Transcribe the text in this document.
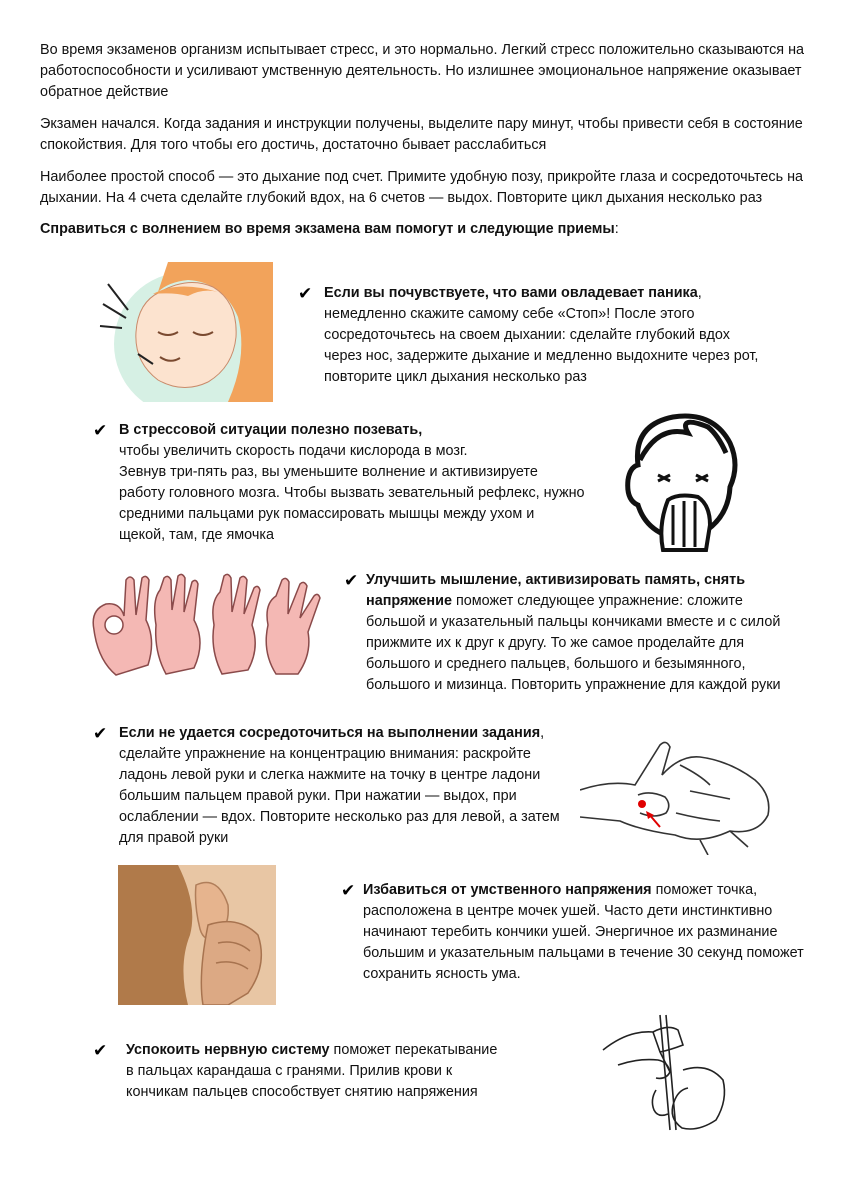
Во время экзаменов организм испытывает стресс, и это нормально. Легкий стресс положительно сказываются на работоспособности и усиливают умственную деятельность. Но излишнее эмоциональное напряжение оказывает обратное действие

Экзамен начался. Когда задания и инструкции получены, выделите пару минут, чтобы привести себя в состояние спокойствия. Для того чтобы его достичь, достаточно бывает расслабиться

Наиболее простой способ — это дыхание под счет. Примите удобную позу, прикройте глаза и сосредоточьтесь на дыхании. На 4 счета сделайте глубокий вдох, на 6 счетов — выдох. Повторите цикл дыхания несколько раз

Справиться с волнением во время экзамена вам помогут и следующие приемы:

✔ Если вы почувствуете, что вами овладевает паника,

немедленно скажите самому себе «Стоп»! После этого

сосредоточьтесь на своем дыхании: сделайте глубокий вдох

через нос, задержите дыхание и медленно выдохните через рот,

повторите цикл дыхания несколько раз

✔ В стрессовой ситуации полезно позевать,

чтобы увеличить скорость подачи кислорода в мозг.

Зевнув три-пять раз, вы уменьшите волнение и активизируете

работу головного мозга. Чтобы вызвать зевательный рефлекс, нужно

средними пальцами рук помассировать мышцы между ухом и

щекой, там, где ямочка

✔ Улучшить мышление, активизировать память, снять

напряжение поможет следующее упражнение: сложите

большой и указательный пальцы кончиками вместе и с силой

прижмите их к друг к другу. То же самое проделайте для

большого и среднего пальцев, большого и безымянного,

большого и мизинца. Повторить упражнение для каждой руки

✔ Если не удается сосредоточиться на выполнении задания,

сделайте упражнение на концентрацию внимания: раскройте

ладонь левой руки и слегка нажмите на точку в центре ладони

большим пальцем правой руки. При нажатии — выдох, при

ослаблении — вдох. Повторите несколько раз для левой, а затем

для правой руки

✔ Избавиться от умственного напряжения поможет точка,

расположена в центре мочек ушей. Часто дети инстинктивно

начинают теребить кончики ушей. Энергичное их разминание

большим и указательным пальцами в течение 30 секунд поможет

сохранить ясность ума.

✔	Успокоить нервную систему поможет перекатывание

в пальцах карандаша с гранями. Прилив крови к

кончикам пальцев способствует снятию напряжения
